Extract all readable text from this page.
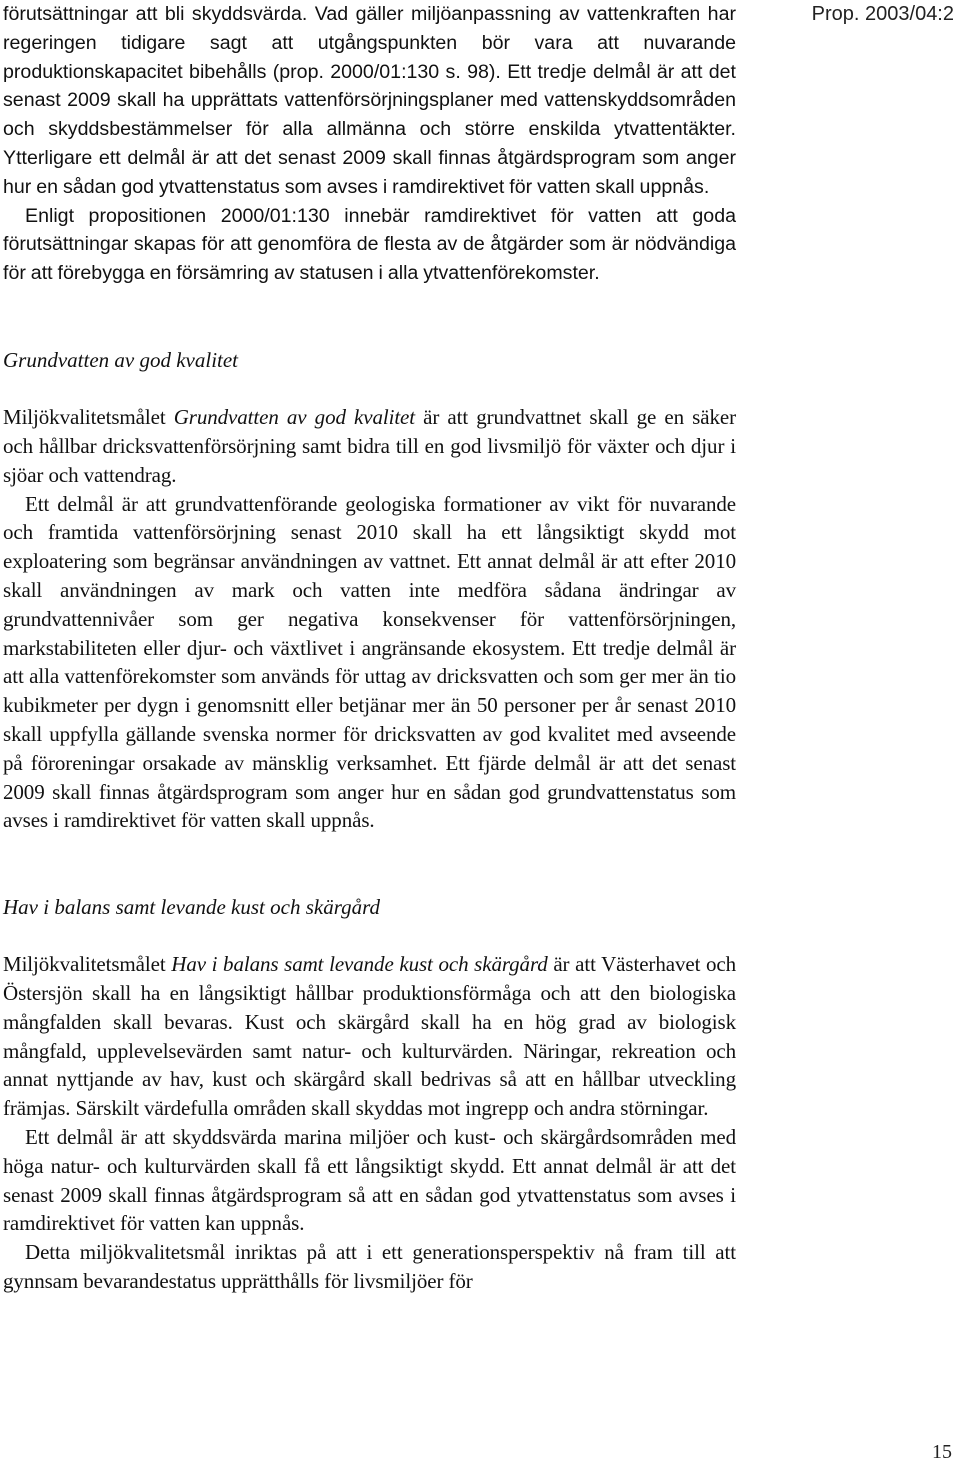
Prop. 2003/04:2

förutsättningar att bli skyddsvärda. Vad gäller miljöanpassning av vattenkraften har regeringen tidigare sagt att utgångspunkten bör vara att nuvarande produktionskapacitet bibehålls (prop. 2000/01:130 s. 98). Ett tredje delmål är att det senast 2009 skall ha upprättats vattenförsörjningsplaner med vattenskyddsområden och skyddsbestämmelser för alla allmänna och större enskilda ytvattentäkter. Ytterligare ett delmål är att det senast 2009 skall finnas åtgärdsprogram som anger hur en sådan god ytvattenstatus som avses i ramdirektivet för vatten skall uppnås.

Enligt propositionen 2000/01:130 innebär ramdirektivet för vatten att goda förutsättningar skapas för att genomföra de flesta av de åtgärder som är nödvändiga för att förebygga en försämring av statusen i alla ytvattenförekomster.

Grundvatten av god kvalitet

Miljökvalitetsmålet Grundvatten av god kvalitet är att grundvattnet skall ge en säker och hållbar dricksvattenförsörjning samt bidra till en god livsmiljö för växter och djur i sjöar och vattendrag.

Ett delmål är att grundvattenförande geologiska formationer av vikt för nuvarande och framtida vattenförsörjning senast 2010 skall ha ett långsiktigt skydd mot exploatering som begränsar användningen av vattnet. Ett annat delmål är att efter 2010 skall användningen av mark och vatten inte medföra sådana ändringar av grundvattennivåer som ger negativa konsekvenser för vattenförsörjningen, markstabiliteten eller djur- och växtlivet i angränsande ekosystem. Ett tredje delmål är att alla vattenförekomster som används för uttag av dricksvatten och som ger mer än tio kubikmeter per dygn i genomsnitt eller betjänar mer än 50 personer per år senast 2010 skall uppfylla gällande svenska normer för dricksvatten av god kvalitet med avseende på föroreningar orsakade av mänsklig verksamhet. Ett fjärde delmål är att det senast 2009 skall finnas åtgärdsprogram som anger hur en sådan god grundvattenstatus som avses i ramdirektivet för vatten skall uppnås.

Hav i balans samt levande kust och skärgård

Miljökvalitetsmålet Hav i balans samt levande kust och skärgård är att Västerhavet och Östersjön skall ha en långsiktigt hållbar produktionsförmåga och att den biologiska mångfalden skall bevaras. Kust och skärgård skall ha en hög grad av biologisk mångfald, upplevelsevärden samt natur- och kulturvärden. Näringar, rekreation och annat nyttjande av hav, kust och skärgård skall bedrivas så att en hållbar utveckling främjas. Särskilt värdefulla områden skall skyddas mot ingrepp och andra störningar.

Ett delmål är att skyddsvärda marina miljöer och kust- och skärgårdsområden med höga natur- och kulturvärden skall få ett långsiktigt skydd. Ett annat delmål är att det senast 2009 skall finnas åtgärdsprogram så att en sådan god ytvattenstatus som avses i ramdirektivet för vatten kan uppnås.

Detta miljökvalitetsmål inriktas på att i ett generationsperspektiv nå fram till att gynnsam bevarandestatus upprätthålls för livsmiljöer för

15
